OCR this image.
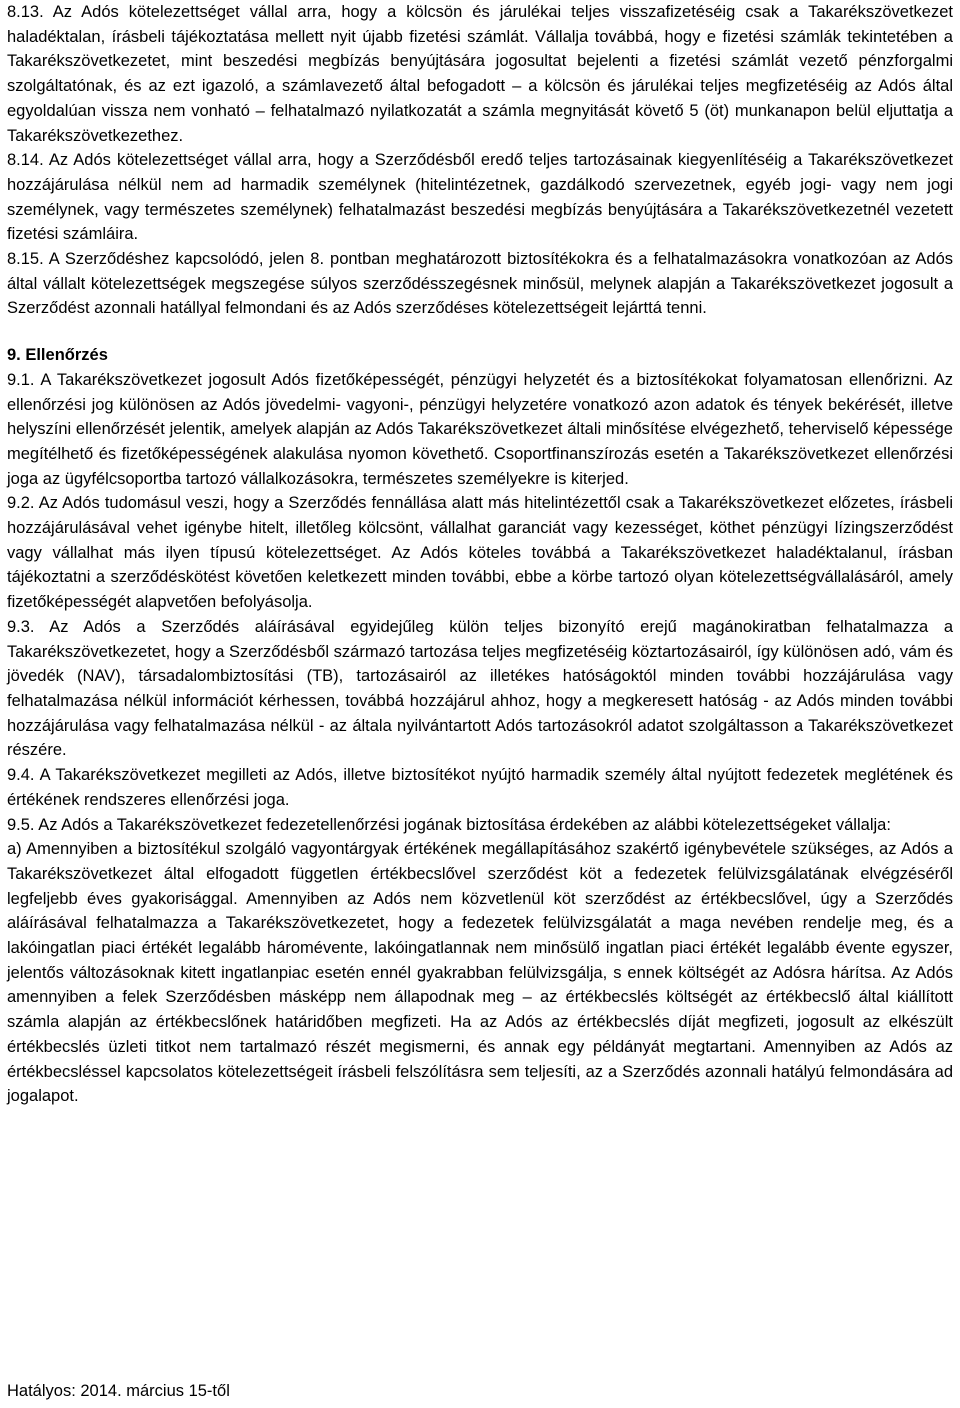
8.13. Az Adós kötelezettséget vállal arra, hogy a kölcsön és járulékai teljes visszafizetéséig csak a Takarékszövetkezet haladéktalan, írásbeli tájékoztatása mellett nyit újabb fizetési számlát. Vállalja továbbá, hogy e fizetési számlák tekintetében a Takarékszövetkezetet, mint beszedési megbízás benyújtására jogosultat bejelenti a fizetési számlát vezető pénzforgalmi szolgáltatónak, és az ezt igazoló, a számlavezető által befogadott – a kölcsön és járulékai teljes megfizetéséig az Adós által egyoldalúan vissza nem vonható – felhatalmazó nyilatkozatát a számla megnyitását követő 5 (öt) munkanapon belül eljuttatja a Takarékszövetkezethez.

8.14. Az Adós kötelezettséget vállal arra, hogy a Szerződésből eredő teljes tartozásainak kiegyenlítéséig a Takarékszövetkezet hozzájárulása nélkül nem ad harmadik személynek (hitelintézetnek, gazdálkodó szervezetnek, egyéb jogi- vagy nem jogi személynek, vagy természetes személynek) felhatalmazást beszedési megbízás benyújtására a Takarékszövetkezetnél vezetett fizetési számláira.

8.15. A Szerződéshez kapcsolódó, jelen 8. pontban meghatározott biztosítékokra és a felhatalmazásokra vonatkozóan az Adós által vállalt kötelezettségek megszegése súlyos szerződésszegésnek minősül, melynek alapján a Takarékszövetkezet jogosult a Szerződést azonnali hatállyal felmondani és az Adós szerződéses kötelezettségeit lejárttá tenni.

9. Ellenőrzés

9.1. A Takarékszövetkezet jogosult Adós fizetőképességét, pénzügyi helyzetét és a biztosítékokat folyamatosan ellenőrizni. Az ellenőrzési jog különösen az Adós jövedelmi- vagyoni-, pénzügyi helyzetére vonatkozó azon adatok és tények bekérését, illetve helyszíni ellenőrzését jelentik, amelyek alapján az Adós Takarékszövetkezet általi minősítése elvégezhető, teherviselő képessége megítélhető és fizetőképességének alakulása nyomon követhető. Csoportfinanszírozás esetén a Takarékszövetkezet ellenőrzési joga az ügyfélcsoportba tartozó vállalkozásokra, természetes személyekre is kiterjed.

9.2. Az Adós tudomásul veszi, hogy a Szerződés fennállása alatt más hitelintézettől csak a Takarékszövetkezet előzetes, írásbeli hozzájárulásával vehet igénybe hitelt, illetőleg kölcsönt, vállalhat garanciát vagy kezességet, köthet pénzügyi lízingszerződést vagy vállalhat más ilyen típusú kötelezettséget. Az Adós köteles továbbá a Takarékszövetkezet haladéktalanul, írásban tájékoztatni a szerződéskötést követően keletkezett minden további, ebbe a körbe tartozó olyan kötelezettségvállalásáról, amely fizetőképességét alapvetően befolyásolja.

9.3. Az Adós a Szerződés aláírásával egyidejűleg külön teljes bizonyító erejű magánokiratban felhatalmazza a Takarékszövetkezetet, hogy a Szerződésből származó tartozása teljes megfizetéséig köztartozásairól, így különösen adó, vám és jövedék (NAV), társadalombiztosítási (TB), tartozásairól az illetékes hatóságoktól minden további hozzájárulása vagy felhatalmazása nélkül információt kérhessen, továbbá hozzájárul ahhoz, hogy a megkeresett hatóság - az Adós minden további hozzájárulása vagy felhatalmazása nélkül - az általa nyilvántartott Adós tartozásokról adatot szolgáltasson a Takarékszövetkezet részére.

9.4. A Takarékszövetkezet megilleti az Adós, illetve biztosítékot nyújtó harmadik személy által nyújtott fedezetek meglétének és értékének rendszeres ellenőrzési joga.

9.5. Az Adós a Takarékszövetkezet fedezetellenőrzési jogának biztosítása érdekében az alábbi kötelezettségeket vállalja:

a) Amennyiben a biztosítékul szolgáló vagyontárgyak értékének megállapításához szakértő igénybevétele szükséges, az Adós a Takarékszövetkezet által elfogadott független értékbecslővel szerződést köt a fedezetek felülvizsgálatának elvégzéséről legfeljebb éves gyakorisággal. Amennyiben az Adós nem közvetlenül köt szerződést az értékbecslővel, úgy a Szerződés aláírásával felhatalmazza a Takarékszövetkezetet, hogy a fedezetek felülvizsgálatát a maga nevében rendelje meg, és a lakóingatlan piaci értékét legalább háromévente, lakóingatlannak nem minősülő ingatlan piaci értékét legalább évente egyszer, jelentős változásoknak kitett ingatlanpiac esetén ennél gyakrabban felülvizsgálja, s ennek költségét az Adósra hárítsa. Az Adós amennyiben a felek Szerződésben másképp nem állapodnak meg – az értékbecslés költségét az értékbecslő által kiállított számla alapján az értékbecslőnek határidőben megfizeti. Ha az Adós az értékbecslés díját megfizeti, jogosult az elkészült értékbecslés üzleti titkot nem tartalmazó részét megismerni, és annak egy példányát megtartani. Amennyiben az Adós az értékbecsléssel kapcsolatos kötelezettségeit írásbeli felszólításra sem teljesíti, az a Szerződés azonnali hatályú felmondására ad jogalapot.

Hatályos: 2014. március 15-től
